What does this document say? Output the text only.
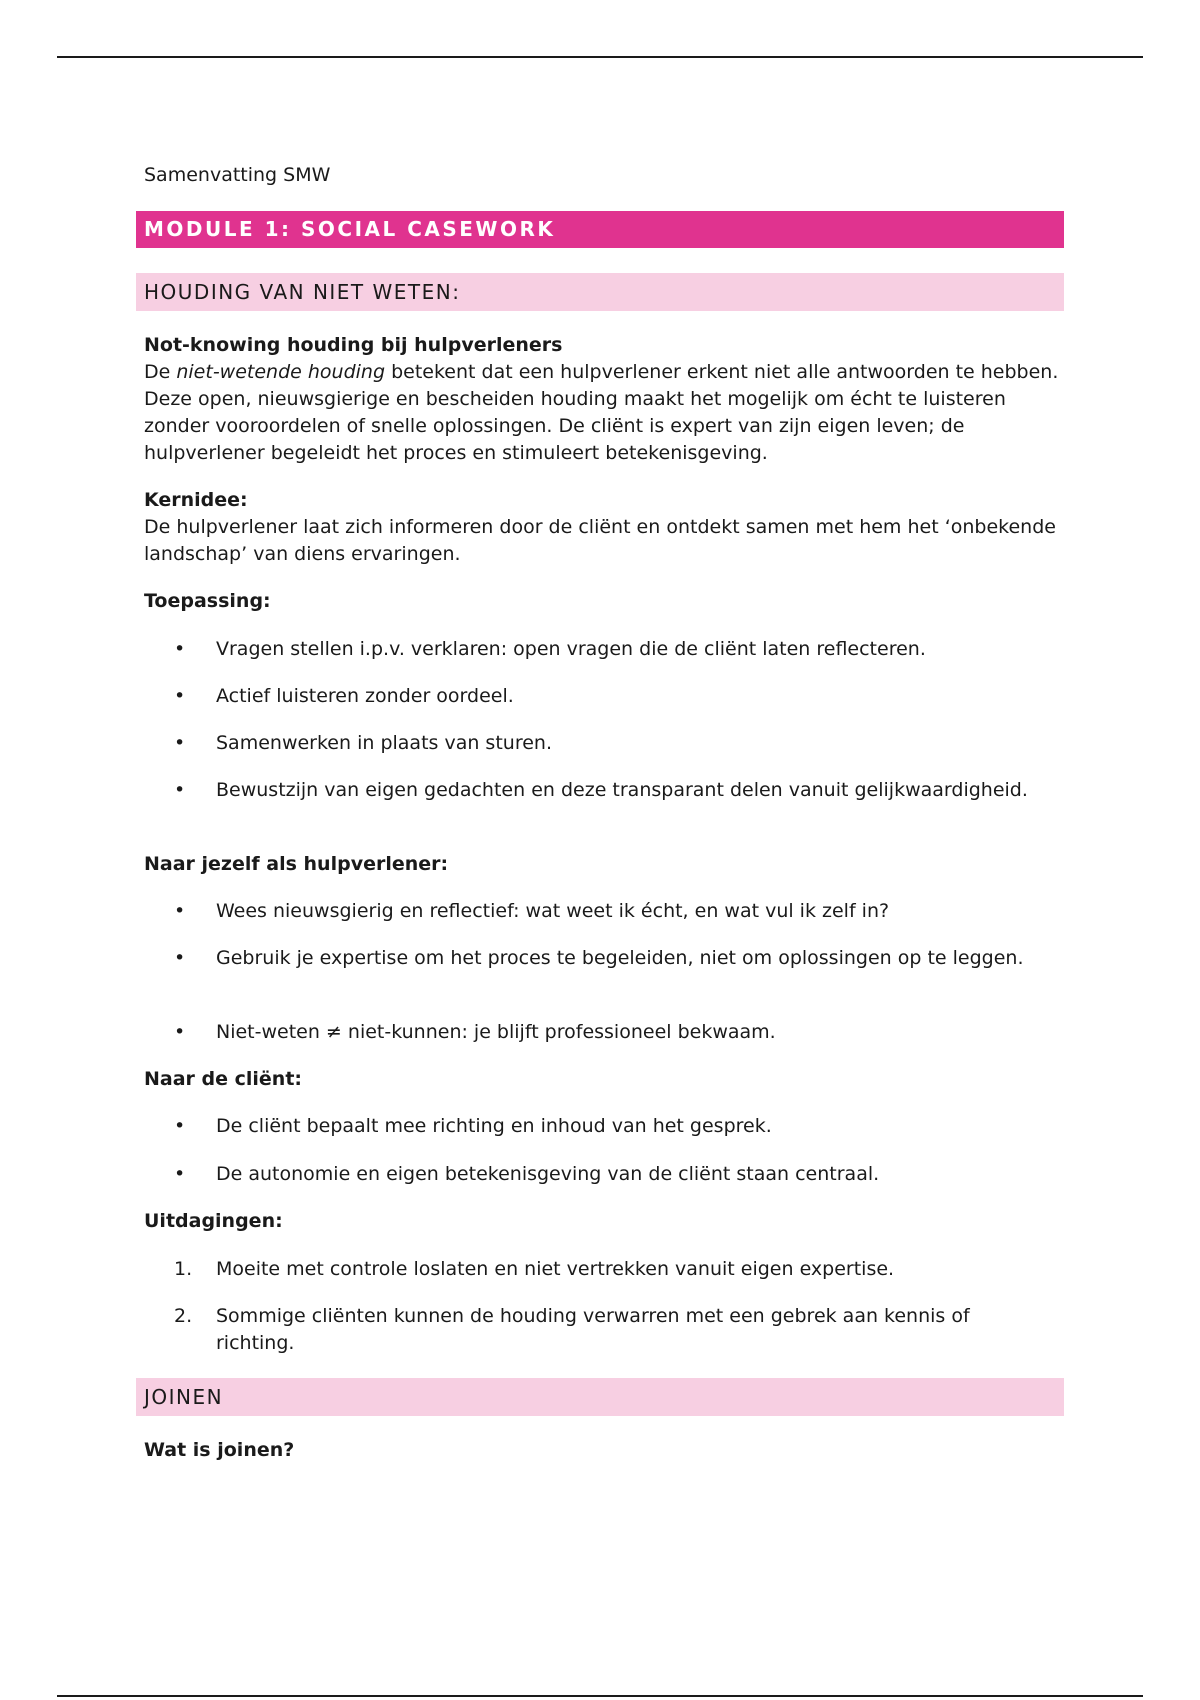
Samenvatting SMW
MODULE 1: SOCIAL CASEWORK
HOUDING VAN NIET WETEN:
Not-knowing houding bij hulpverleners
De niet-wetende houding betekent dat een hulpverlener erkent niet alle antwoorden te hebben. Deze open, nieuwsgierige en bescheiden houding maakt het mogelijk om écht te luisteren zonder vooroordelen of snelle oplossingen. De cliënt is expert van zijn eigen leven; de hulpverlener begeleidt het proces en stimuleert betekenisgeving.
Kernidee:
De hulpverlener laat zich informeren door de cliënt en ontdekt samen met hem het ‘onbekende landschap’ van diens ervaringen.
Toepassing:
•	Vragen stellen i.p.v. verklaren: open vragen die de cliënt laten reflecteren.
•	Actief luisteren zonder oordeel.
•	Samenwerken in plaats van sturen.
•	Bewustzijn van eigen gedachten en deze transparant delen vanuit gelijkwaardigheid.
Naar jezelf als hulpverlener:
•	Wees nieuwsgierig en reflectief: wat weet ik écht, en wat vul ik zelf in?
•	Gebruik je expertise om het proces te begeleiden, niet om oplossingen op te leggen.
•	Niet-weten ≠ niet-kunnen: je blijft professioneel bekwaam.
Naar de cliënt:
•	De cliënt bepaalt mee richting en inhoud van het gesprek.
•	De autonomie en eigen betekenisgeving van de cliënt staan centraal.
Uitdagingen:
1.	Moeite met controle loslaten en niet vertrekken vanuit eigen expertise.
2.	Sommige cliënten kunnen de houding verwarren met een gebrek aan kennis of richting.
JOINEN
Wat is joinen?
